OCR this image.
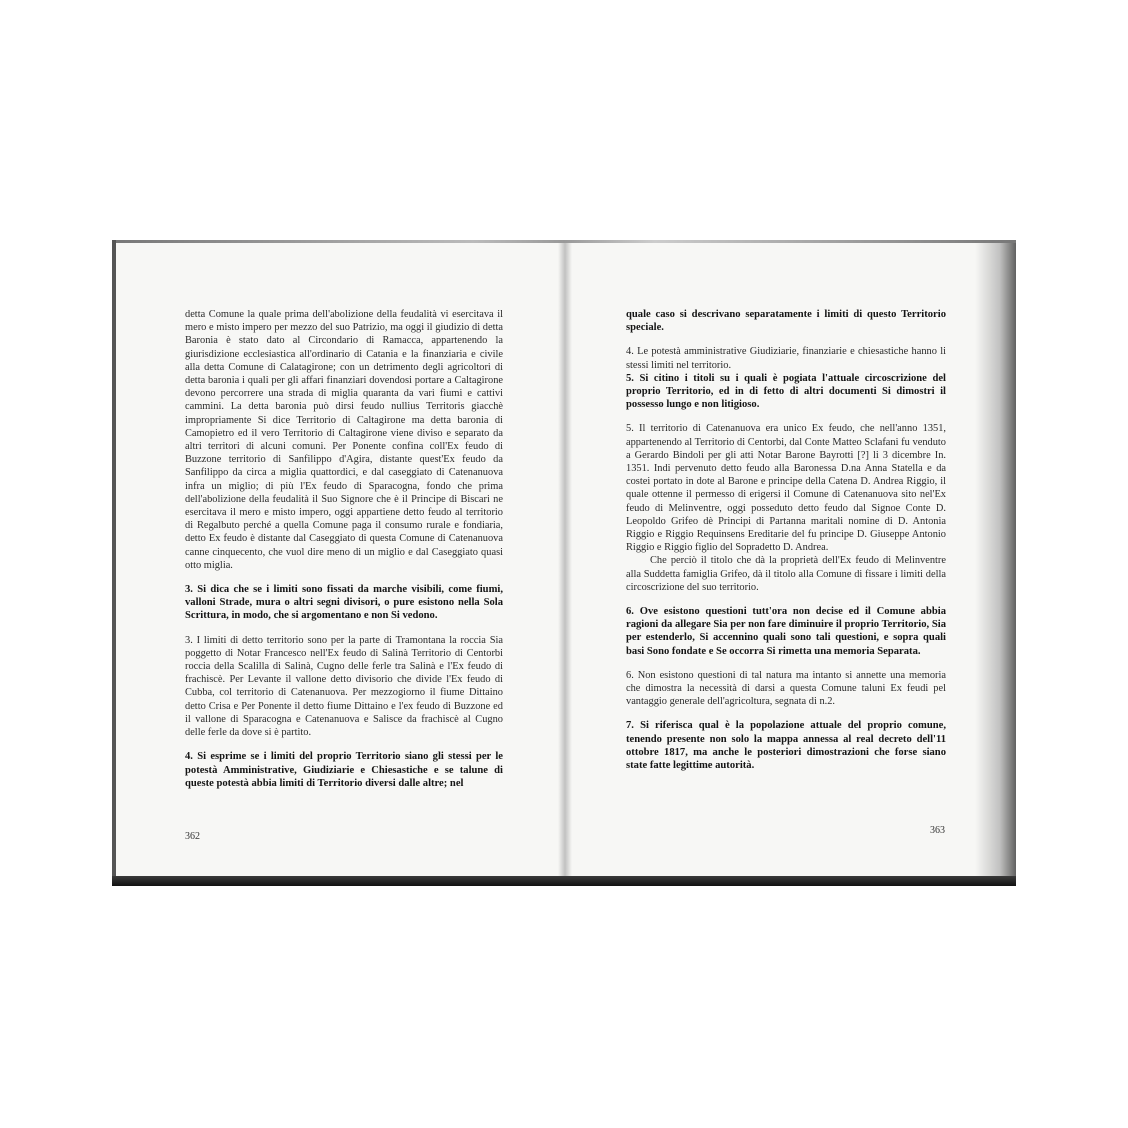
detta Comune la quale prima dell'abolizione della feudalità vi esercitava il mero e misto impero per mezzo del suo Patrizio, ma oggi il giudizio di detta Baronia è stato dato al Circondario di Ramacca, appartenendo la giurisdizione ecclesiastica all'ordinario di Catania e la finanziaria e civile alla detta Comune di Calatagirone; con un detrimento degli agricoltori di detta baronia i quali per gli affari finanziari dovendosi portare a Caltagirone devono percorrere una strada di miglia quaranta da vari fiumi e cattivi cammini. La detta baronia può dirsi feudo nullius Territoris giacchè impropriamente Si dice Territorio di Caltagirone ma detta baronia di Camopietro ed il vero Territorio di Caltagirone viene diviso e separato da altri territori di alcuni comuni. Per Ponente confina coll'Ex feudo di Buzzone territorio di Sanfilippo d'Agira, distante quest'Ex feudo da Sanfilippo da circa a miglia quattordici, e dal caseggiato di Catenanuova infra un miglio; di più l'Ex feudo di Sparacogna, fondo che prima dell'abolizione della feudalità il Suo Signore che è il Principe di Biscari ne esercitava il mero e misto impero, oggi appartiene detto feudo al territorio di Regalbuto perché a quella Comune paga il consumo rurale e fondiaria, detto Ex feudo è distante dal Caseggiato di questa Comune di Catenanuova canne cinquecento, che vuol dire meno di un miglio e dal Caseggiato quasi otto miglia.

3. Si dica che se i limiti sono fissati da marche visibili, come fiumi, valloni Strade, mura o altri segni divisori, o pure esistono nella Sola Scrittura, in modo, che si argomentano e non Si vedono.

3. I limiti di detto territorio sono per la parte di Tramontana la roccia Sia poggetto di Notar Francesco nell'Ex feudo di Salinà Territorio di Centorbi roccia della Scalilla di Salinà, Cugno delle ferle tra Salinà e l'Ex feudo di frachiscè. Per Levante il vallone detto divisorio che divide l'Ex feudo di Cubba, col territorio di Catenanuova. Per mezzogiorno il fiume Dittaino detto Crisa e Per Ponente il detto fiume Dittaino e l'ex feudo di Buzzone ed il vallone di Sparacogna e Catenanuova e Salisce da frachiscè al Cugno delle ferle da dove si è partito.

4. Si esprime se i limiti del proprio Territorio siano gli stessi per le potestà Amministrative, Giudiziarie e Chiesastiche e se talune di queste potestà abbia limiti di Territorio diversi dalle altre; nel

362

quale caso si descrivano separatamente i limiti di questo Territorio speciale.

4. Le potestà amministrative Giudiziarie, finanziarie e chiesastiche hanno li stessi limiti nel territorio.

5. Si citino i titoli su i quali è pogiata l'attuale circoscrizione del proprio Territorio, ed in di fetto di altri documenti Si dimostri il possesso lungo e non litigioso.

5. Il territorio di Catenanuova era unico Ex feudo, che nell'anno 1351, appartenendo al Territorio di Centorbi, dal Conte Matteo Sclafani fu venduto a Gerardo Bindoli per gli atti Notar Barone Bayrotti [?] li 3 dicembre In. 1351. Indi pervenuto detto feudo alla Baronessa D.na Anna Statella e da costei portato in dote al Barone e principe della Catena D. Andrea Riggio, il quale ottenne il permesso di erigersi il Comune di Catenanuova sito nel'Ex feudo di Melinventre, oggi posseduto detto feudo dal Signoe Conte D. Leopoldo Grifeo dè Principi di Partanna maritali nomine di D. Antonia Riggio e Riggio Requinsens Ereditarie del fu principe D. Giuseppe Antonio Riggio e Riggio figlio del Sopradetto D. Andrea.

Che perciò il titolo che dà la proprietà dell'Ex feudo di Melinventre alla Suddetta famiglia Grifeo, dà il titolo alla Comune di fissare i limiti della circoscrizione del suo territorio.

6. Ove esistono questioni tutt'ora non decise ed il Comune abbia ragioni da allegare Sia per non fare diminuire il proprio Territorio, Sia per estenderlo, Si accennino quali sono tali questioni, e sopra quali basi Sono fondate e Se occorra Si rimetta una memoria Separata.

6. Non esistono questioni di tal natura ma intanto si annette una memoria che dimostra la necessità di darsi a questa Comune taluni Ex feudi pel vantaggio generale dell'agricoltura, segnata di n.2.

7. Si riferisca qual è la popolazione attuale del proprio comune, tenendo presente non solo la mappa annessa al real decreto dell'11 ottobre 1817, ma anche le posteriori dimostrazioni che forse siano state fatte legittime autorità.

363
